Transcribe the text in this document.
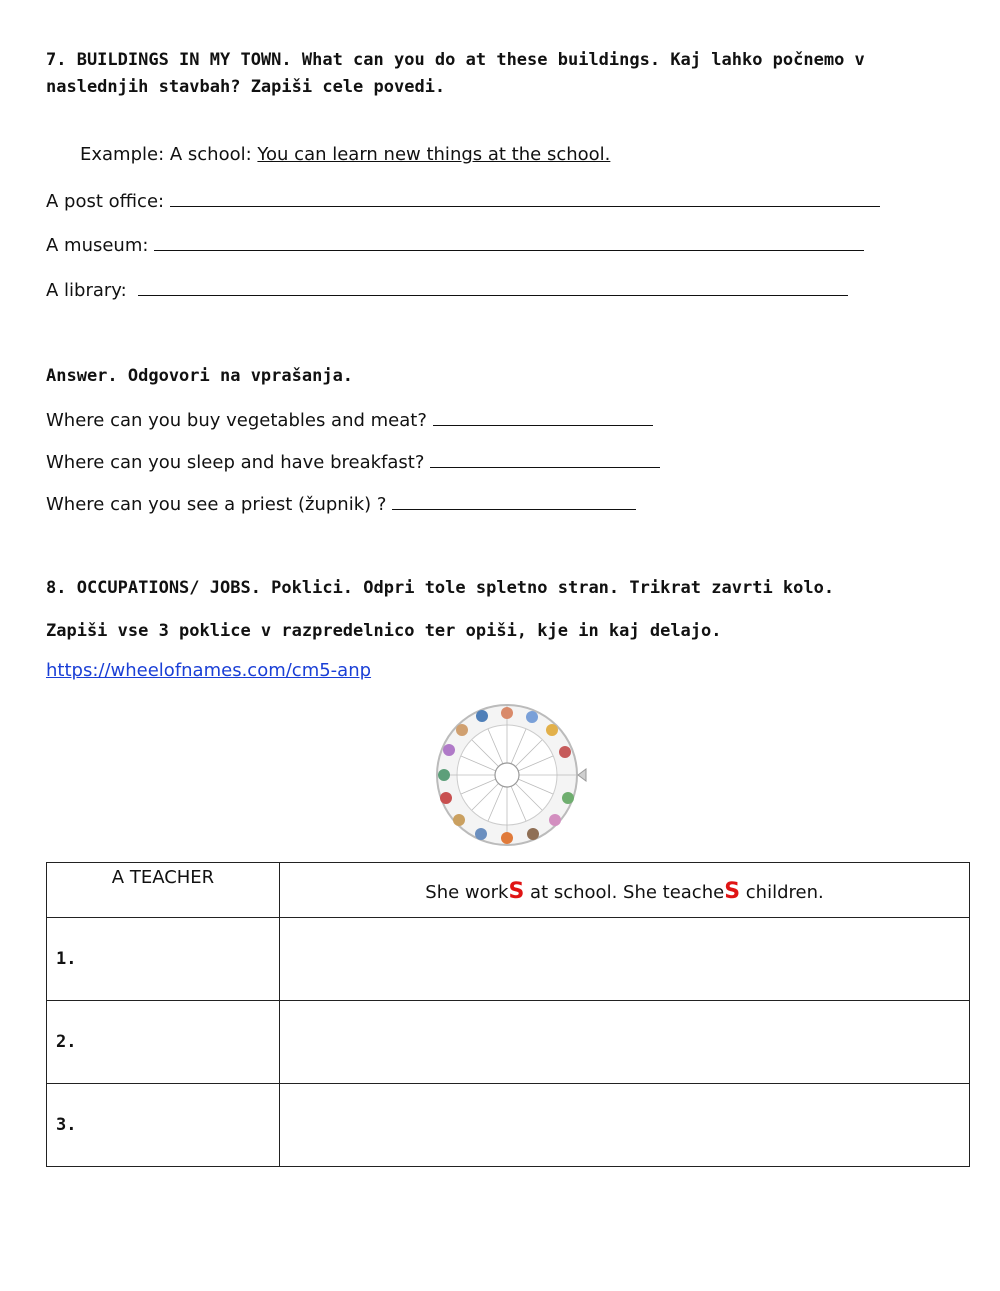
7. BUILDINGS IN MY TOWN. What can you do at these buildings. Kaj lahko počnemo v
naslednjih stavbah? Zapiši cele povedi.
Example: A school: You can learn new things at the school.
A post office:
A museum:
A library:
Answer. Odgovori na vprašanja.
Where can you buy vegetables and meat?
Where can you sleep and have breakfast?
Where can you see a priest (župnik) ?
8. OCCUPATIONS/ JOBS. Poklici. Odpri tole spletno stran. Trikrat zavrti kolo.
Zapiši vse 3 poklice v razpredelnico ter opiši, kje in kaj delajo.
https://wheelofnames.com/cm5-anp
A TEACHER	She workS at school. She teacheS children.
1.	
2.	
3.	
